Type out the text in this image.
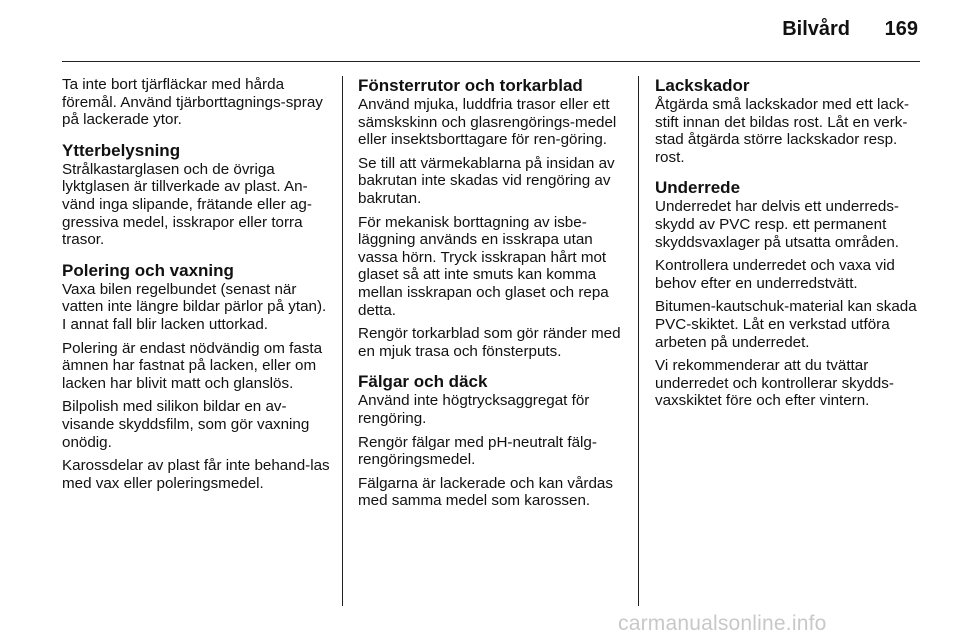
Bilvård 169

Ta inte bort tjärfläckar med hårda föremål. Använd tjärborttagnings-spray på lackerade ytor.

Ytterbelysning

Strålkastarglasen och de övriga lyktglasen är tillverkade av plast. An-vänd inga slipande, frätande eller ag-gressiva medel, isskrapor eller torra trasor.

Polering och vaxning

Vaxa bilen regelbundet (senast när vatten inte längre bildar pärlor på ytan). I annat fall blir lacken uttorkad.

Polering är endast nödvändig om fasta ämnen har fastnat på lacken, eller om lacken har blivit matt och glanslös.

Bilpolish med silikon bildar en av-visande skyddsfilm, som gör vaxning onödig.

Karossdelar av plast får inte behand-las med vax eller poleringsmedel.

Fönsterrutor och torkarblad

Använd mjuka, luddfria trasor eller ett sämskskinn och glasrengörings-medel eller insektsborttagare för ren-göring.

Se till att värmekablarna på insidan av bakrutan inte skadas vid rengöring av bakrutan.

För mekanisk borttagning av isbe-läggning används en isskrapa utan vassa hörn. Tryck isskrapan hårt mot glaset så att inte smuts kan komma mellan isskrapan och glaset och repa detta.

Rengör torkarblad som gör ränder med en mjuk trasa och fönsterputs.

Fälgar och däck

Använd inte högtrycksaggregat för rengöring.

Rengör fälgar med pH-neutralt fälg-rengöringsmedel.

Fälgarna är lackerade och kan vårdas med samma medel som karossen.

Lackskador

Åtgärda små lackskador med ett lack-stift innan det bildas rost. Låt en verk-stad åtgärda större lackskador resp. rost.

Underrede

Underredet har delvis ett underreds-skydd av PVC resp. ett permanent skyddsvaxlager på utsatta områden.

Kontrollera underredet och vaxa vid behov efter en underredstvätt.

Bitumen-kautschuk-material kan skada PVC-skiktet. Låt en verkstad utföra arbeten på underredet.

Vi rekommenderar att du tvättar underredet och kontrollerar skydds-vaxskiktet före och efter vintern.

carmanualsonline.info
